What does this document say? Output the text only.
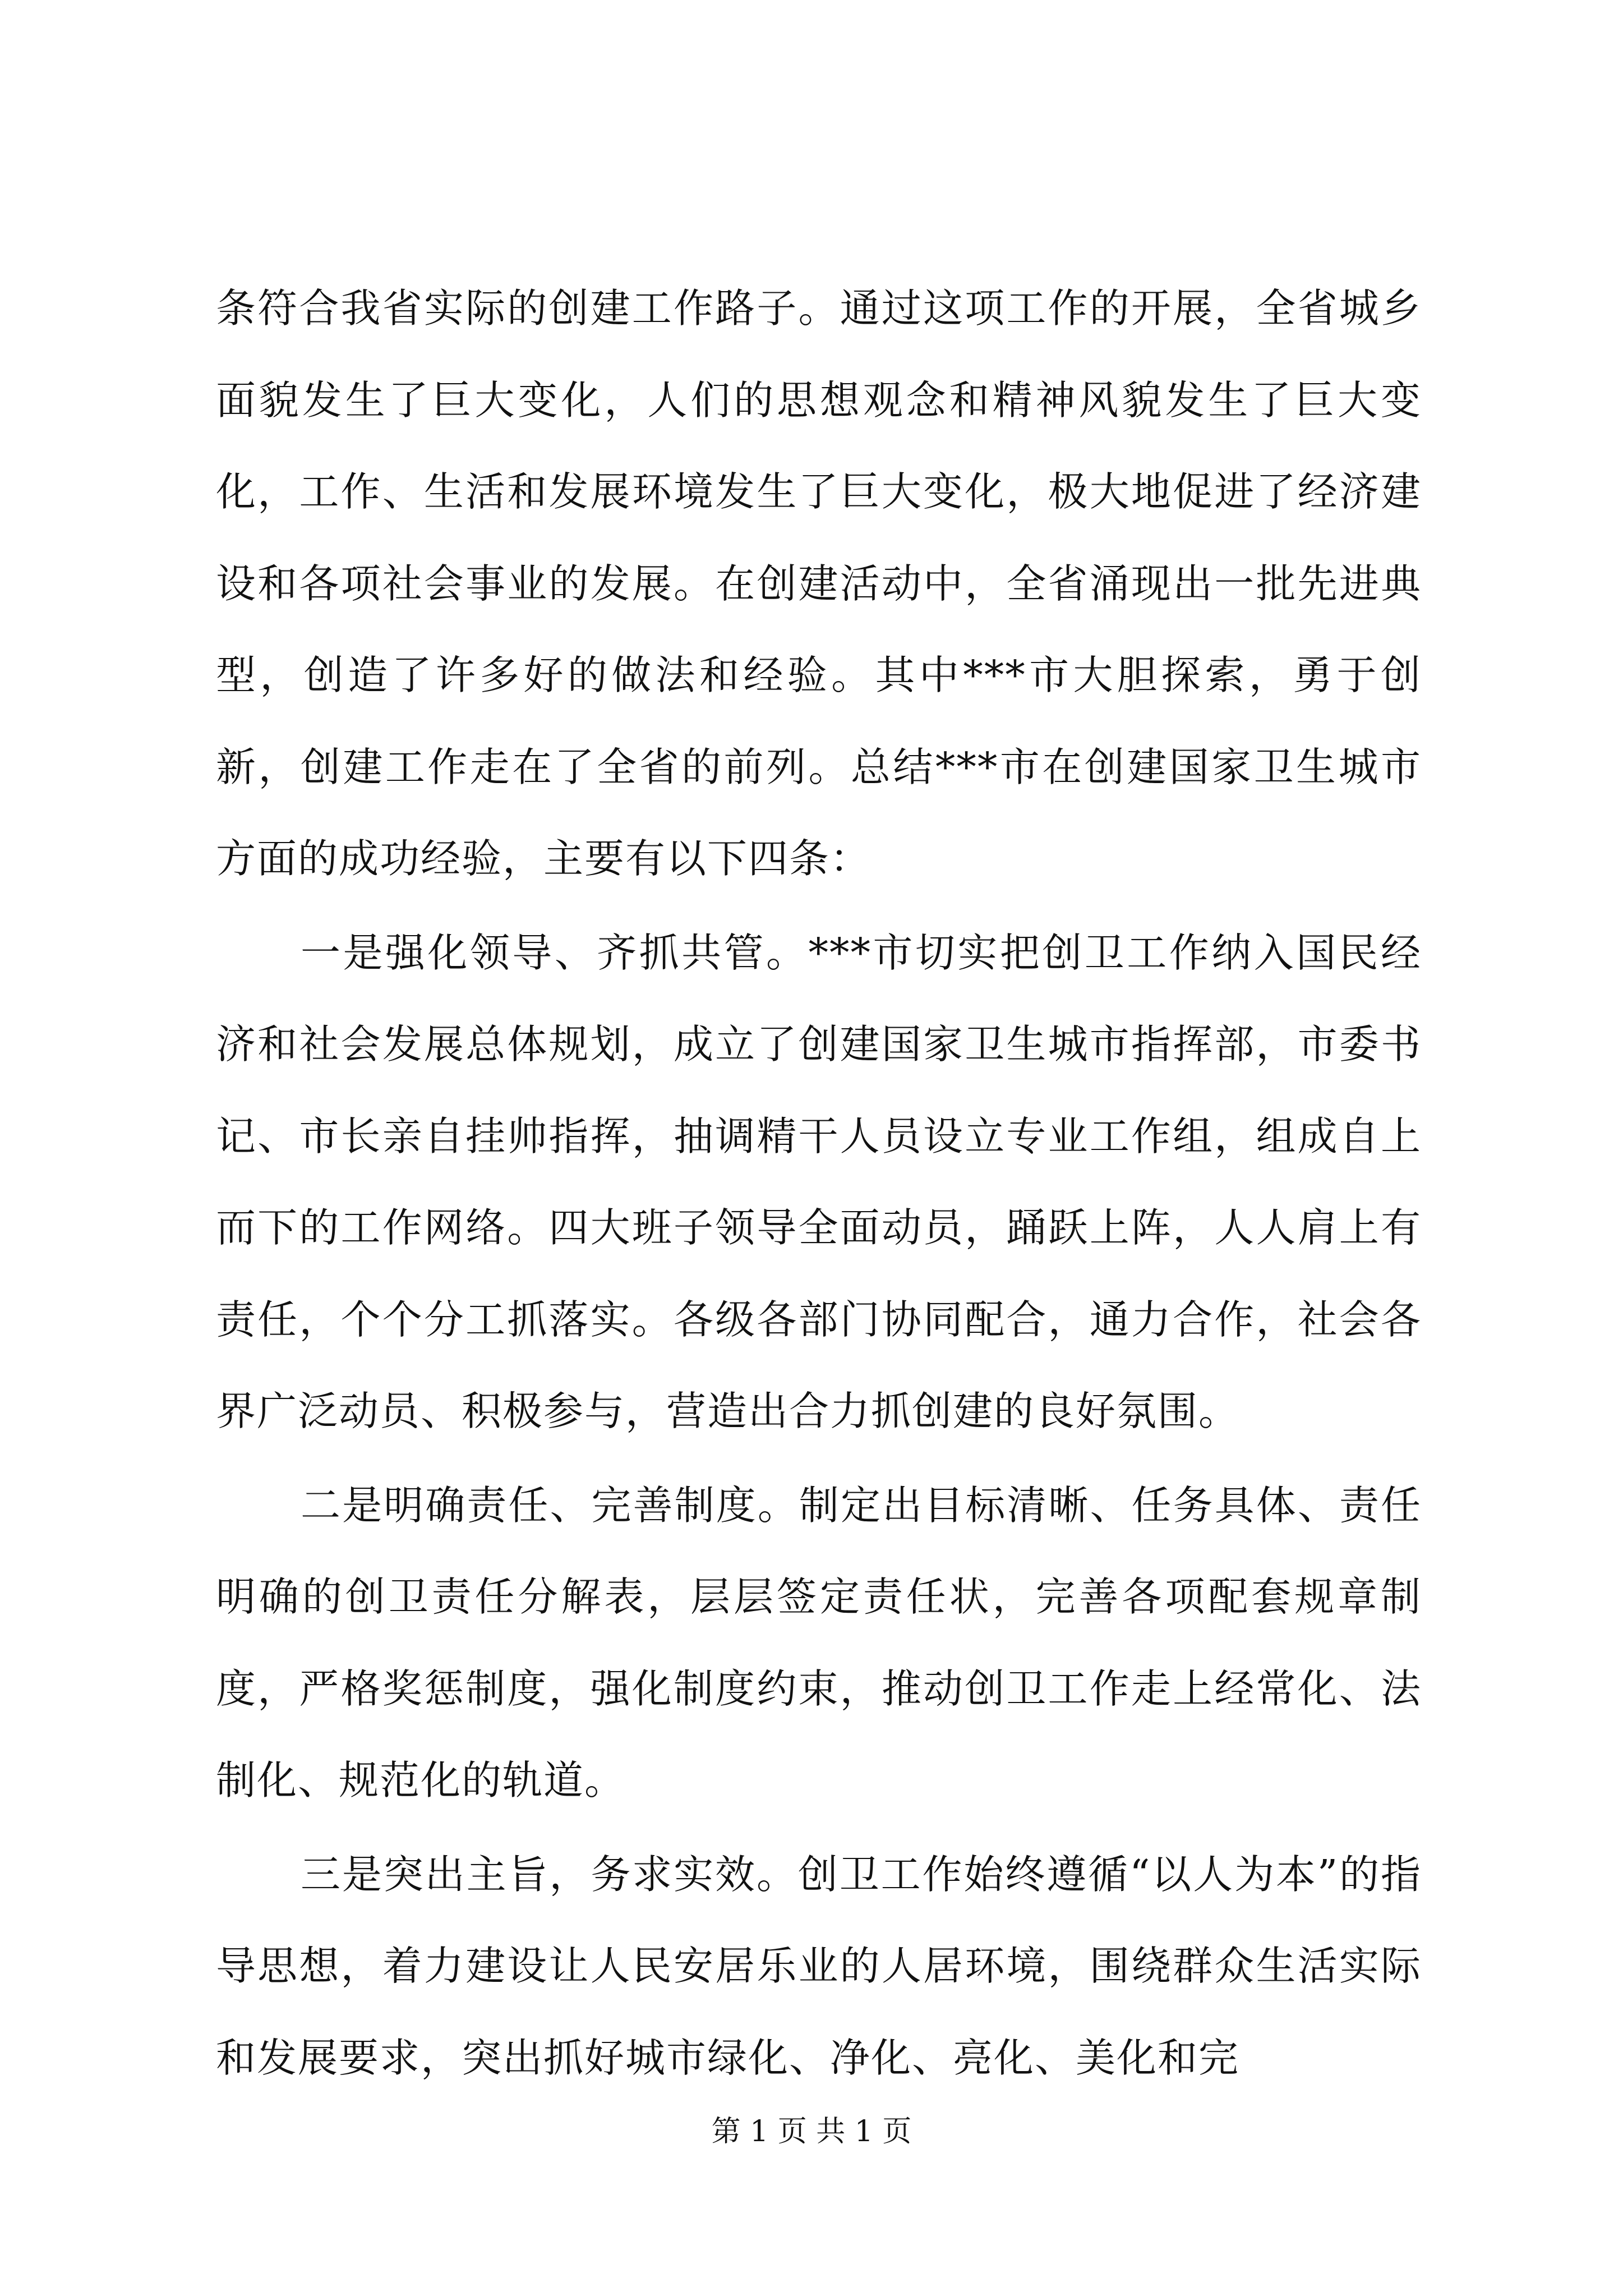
条符合我省实际的创建工作路子。通过这项工作的开展，全省城乡面貌发生了巨大变化，人们的思想观念和精神风貌发生了巨大变化，工作、生活和发展环境发生了巨大变化，极大地促进了经济建设和各项社会事业的发展。在创建活动中，全省涌现出一批先进典型，创造了许多好的做法和经验。其中***市大胆探索，勇于创新，创建工作走在了全省的前列。总结***市在创建国家卫生城市方面的成功经验，主要有以下四条：

一是强化领导、齐抓共管。***市切实把创卫工作纳入国民经济和社会发展总体规划，成立了创建国家卫生城市指挥部，市委书记、市长亲自挂帅指挥，抽调精干人员设立专业工作组，组成自上而下的工作网络。四大班子领导全面动员，踊跃上阵，人人肩上有责任，个个分工抓落实。各级各部门协同配合，通力合作，社会各界广泛动员、积极参与，营造出合力抓创建的良好氛围。

二是明确责任、完善制度。制定出目标清晰、任务具体、责任明确的创卫责任分解表，层层签定责任状，完善各项配套规章制度，严格奖惩制度，强化制度约束，推动创卫工作走上经常化、法制化、规范化的轨道。

三是突出主旨，务求实效。创卫工作始终遵循“以人为本”的指导思想，着力建设让人民安居乐业的人居环境，围绕群众生活实际和发展要求，突出抓好城市绿化、净化、亮化、美化和完

第 1 页 共 1 页
